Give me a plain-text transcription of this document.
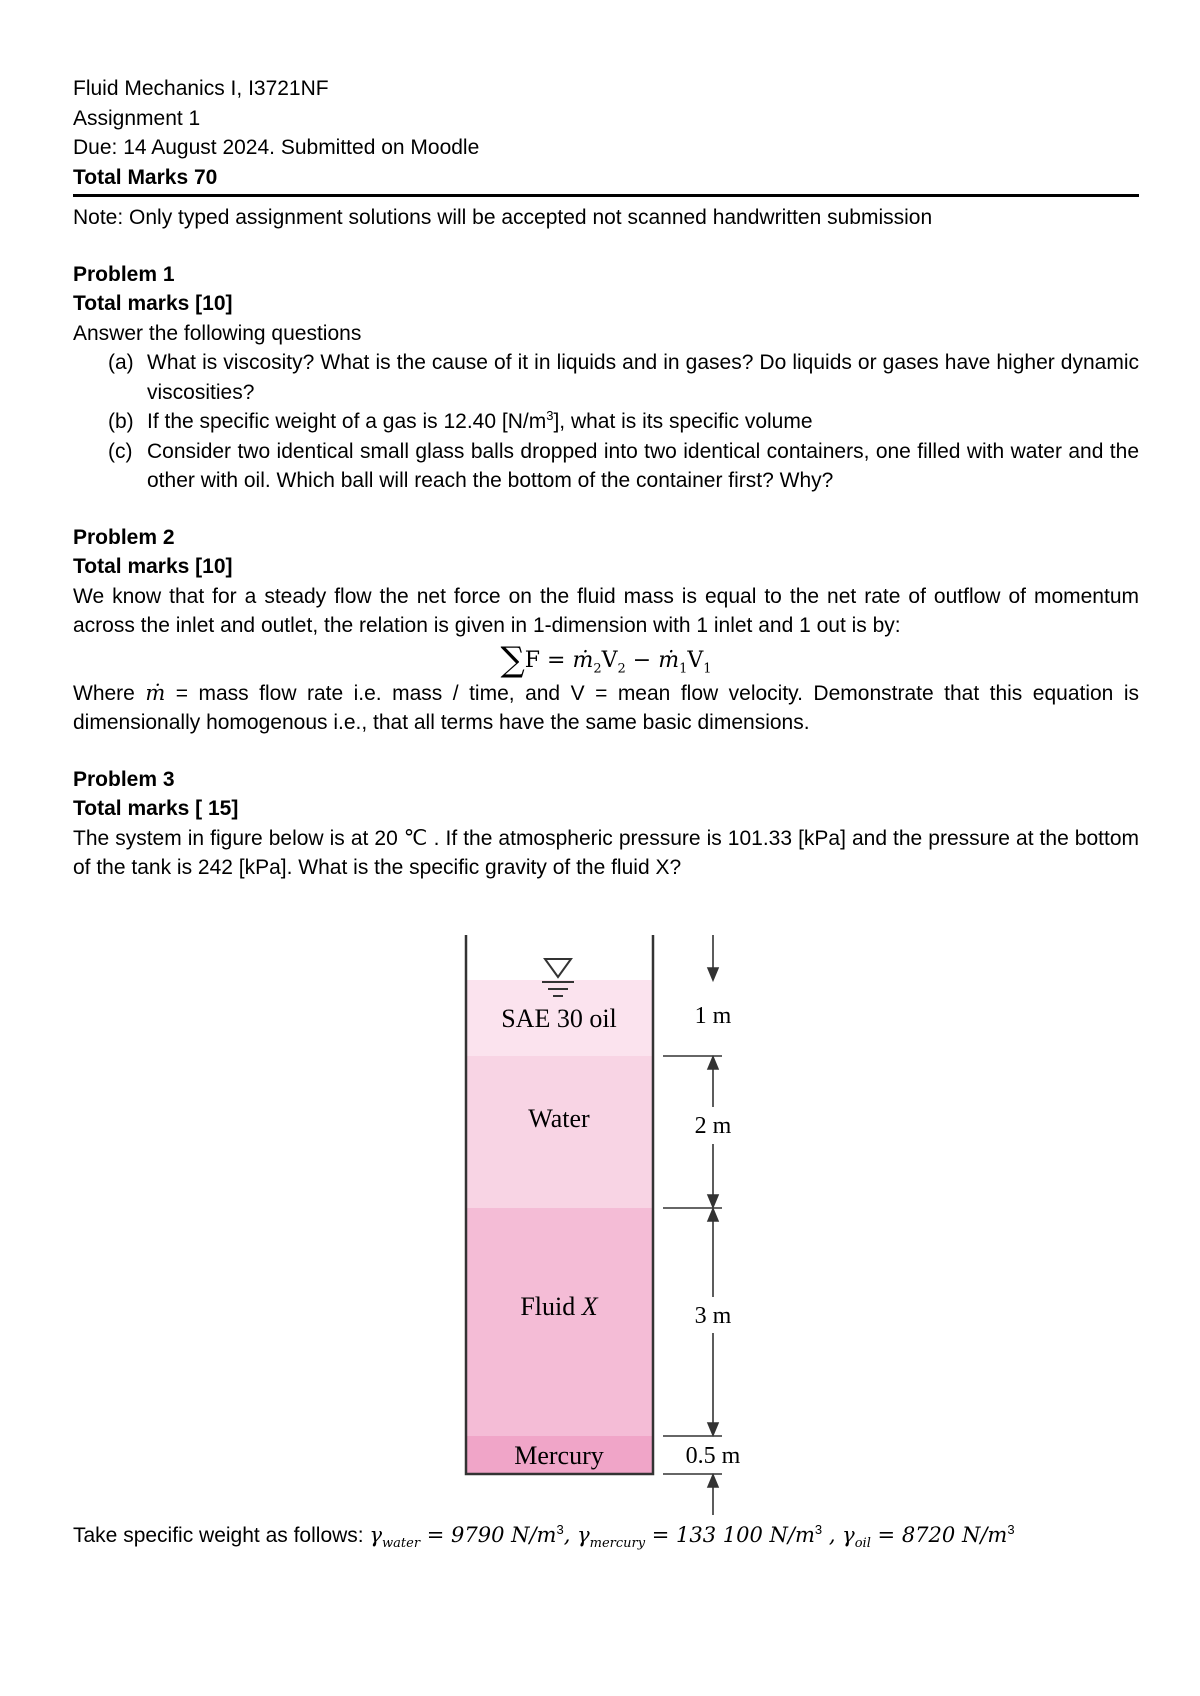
Fluid Mechanics I, I3721NF
Assignment 1
Due: 14 August 2024. Submitted on Moodle
Total Marks 70
Note: Only typed assignment solutions will be accepted not scanned handwritten submission
Problem 1
Total marks [10]
Answer the following questions
(a) What is viscosity? What is the cause of it in liquids and in gases? Do liquids or gases have higher dynamic viscosities?
(b) If the specific weight of a gas is 12.40 $[N/m^3]$, what is its specific volume
(c) Consider two identical small glass balls dropped into two identical containers, one filled with water and the other with oil. Which ball will reach the bottom of the container first? Why?
Problem 2
Total marks [10]
We know that for a steady flow the net force on the fluid mass is equal to the net rate of outflow of momentum across the inlet and outlet, the relation is given in 1-dimension with 1 inlet and 1 out is by:
$\sum F = ṁ_2V_2$ − $ṁ_1V_1$
Where ṁ = mass flow rate i.e. mass / time, and V = mean flow velocity. Demonstrate that this equation is dimensionally homogenous i.e., that all terms have the same basic dimensions.
Problem 3
Total marks [ 15]
The system in figure below is at 20 ℃ . If the atmospheric pressure is 101.33 [kPa] and the pressure at the bottom of the tank is 242 [kPa]. What is the specific gravity of the fluid X?
SAE 30 oil
Water
Fluid X
Mercury
1 m
2 m
3 m
0.5 m
Take specific weight as follows: $\gamma_{water} = 9790$ $N/m^3$, $\gamma_{mercury} = 133$ 100 $N/m^3$ , $\gamma_{oil} = 8720$ $N/m^3$
